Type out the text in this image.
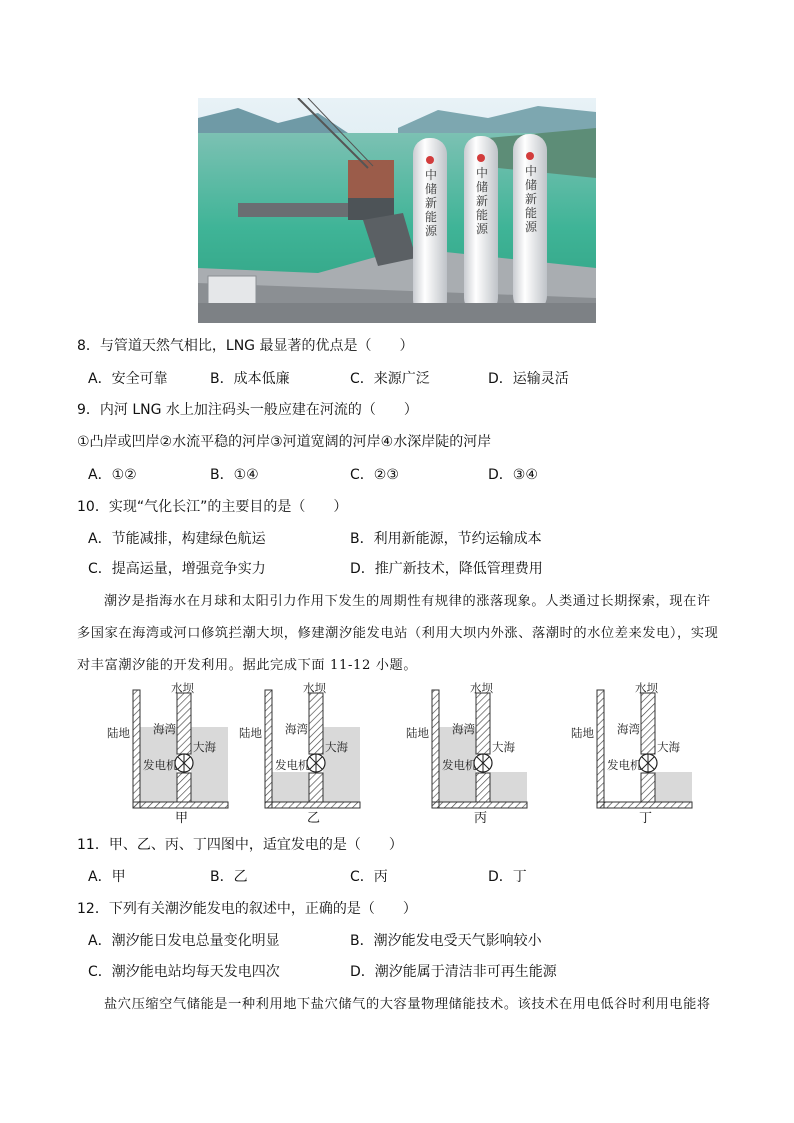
中储新能源
中储新能源
中储新能源
8．与管道天然气相比，LNG 最显著的优点是（　　）
A．安全可靠	B．成本低廉	C．来源广泛	D．运输灵活
9．内河 LNG 水上加注码头一般应建在河流的（　　）
①凸岸或凹岸②水流平稳的河岸③河道宽阔的河岸④水深岸陡的河岸
A．①②	B．①④	C．②③	D．③④
10．实现“气化长江”的主要目的是（　　）
A．节能减排，构建绿色航运	B．利用新能源，节约运输成本
C．提高运量，增强竞争实力	D．推广新技术，降低管理费用
潮汐是指海水在月球和太阳引力作用下发生的周期性有规律的涨落现象。人类通过长期探索，现在许
多国家在海湾或河口修筑拦潮大坝，修建潮汐能发电站（利用大坝内外涨、落潮时的水位差来发电），实现
对丰富潮汐能的开发利用。据此完成下面 11-12 小题。
水坝
陆地 海湾
大海
发电机
甲
水坝
陆地 海湾
大海
发电机
乙
水坝
陆地 海湾
大海
发电机
丙
水坝
陆地 海湾
大海
发电机
丁
11．甲、乙、丙、丁四图中，适宜发电的是（　　）
A．甲	B．乙	C．丙	D．丁
12．下列有关潮汐能发电的叙述中，正确的是（　　）
A．潮汐能日发电总量变化明显	B．潮汐能发电受天气影响较小
C．潮汐能电站均每天发电四次	D．潮汐能属于清洁非可再生能源
盐穴压缩空气储能是一种利用地下盐穴储气的大容量物理储能技术。该技术在用电低谷时利用电能将
